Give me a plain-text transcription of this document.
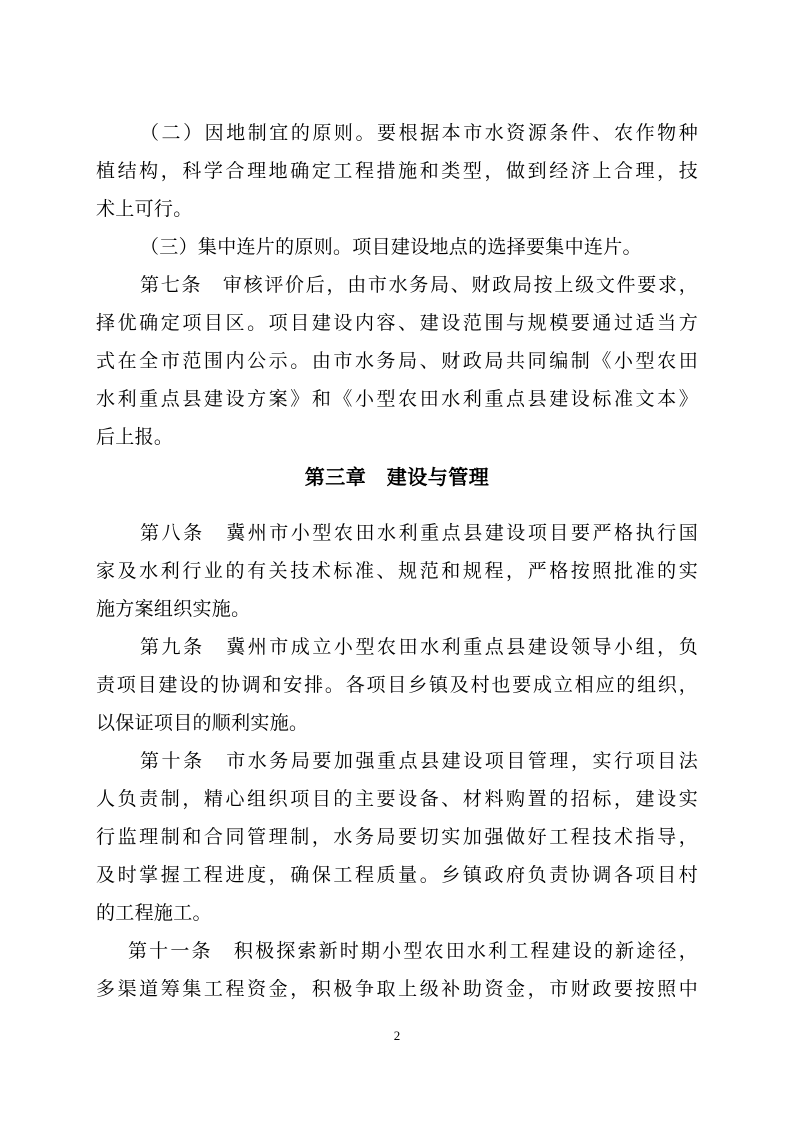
（二）因地制宜的原则。要根据本市水资源条件、农作物种
植结构，科学合理地确定工程措施和类型，做到经济上合理，技
术上可行。
（三）集中连片的原则。项目建设地点的选择要集中连片。
第七条　审核评价后，由市水务局、财政局按上级文件要求，
择优确定项目区。项目建设内容、建设范围与规模要通过适当方
式在全市范围内公示。由市水务局、财政局共同编制《小型农田
水利重点县建设方案》和《小型农田水利重点县建设标准文本》
后上报。
第三章　建设与管理
第八条　冀州市小型农田水利重点县建设项目要严格执行国
家及水利行业的有关技术标准、规范和规程，严格按照批准的实
施方案组织实施。
第九条　冀州市成立小型农田水利重点县建设领导小组，负
责项目建设的协调和安排。各项目乡镇及村也要成立相应的组织，
以保证项目的顺利实施。
第十条　市水务局要加强重点县建设项目管理，实行项目法
人负责制，精心组织项目的主要设备、材料购置的招标，建设实
行监理制和合同管理制，水务局要切实加强做好工程技术指导，
及时掌握工程进度，确保工程质量。乡镇政府负责协调各项目村
的工程施工。
第十一条　积极探索新时期小型农田水利工程建设的新途径，
多渠道筹集工程资金，积极争取上级补助资金，市财政要按照中
2
